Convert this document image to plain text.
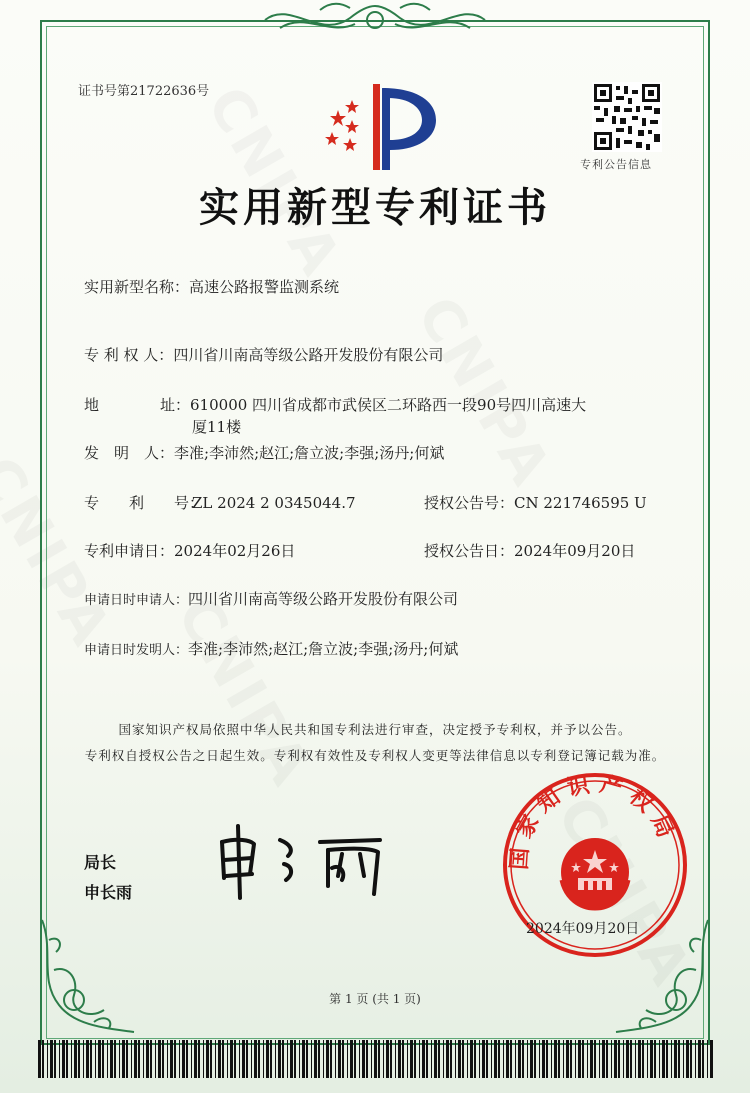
证书号第21722636号
专利公告信息
实用新型专利证书
实用新型名称：高速公路报警监测系统
专 利 权 人：四川省川南高等级公路开发股份有限公司
地	址：610000 四川省成都市武侯区二环路西一段90号四川高速大
厦11楼
发　明　人：李准;李沛然;赵江;詹立波;李强;汤丹;何斌
专　　利　　号：ZL 2024 2 0345044.7	授权公告号：CN 221746595 U
专利申请日：2024年02月26日	授权公告日：2024年09月20日
申请日时申请人：四川省川南高等级公路开发股份有限公司
申请日时发明人：李准;李沛然;赵江;詹立波;李强;汤丹;何斌
国家知识产权局依照中华人民共和国专利法进行审查，决定授予专利权，并予以公告。
专利权自授权公告之日起生效。专利权有效性及专利权人变更等法律信息以专利登记簿记载为准。
局长
申长雨
国家知识产权局
2024年09月20日
第 1 页 (共 1 页)
